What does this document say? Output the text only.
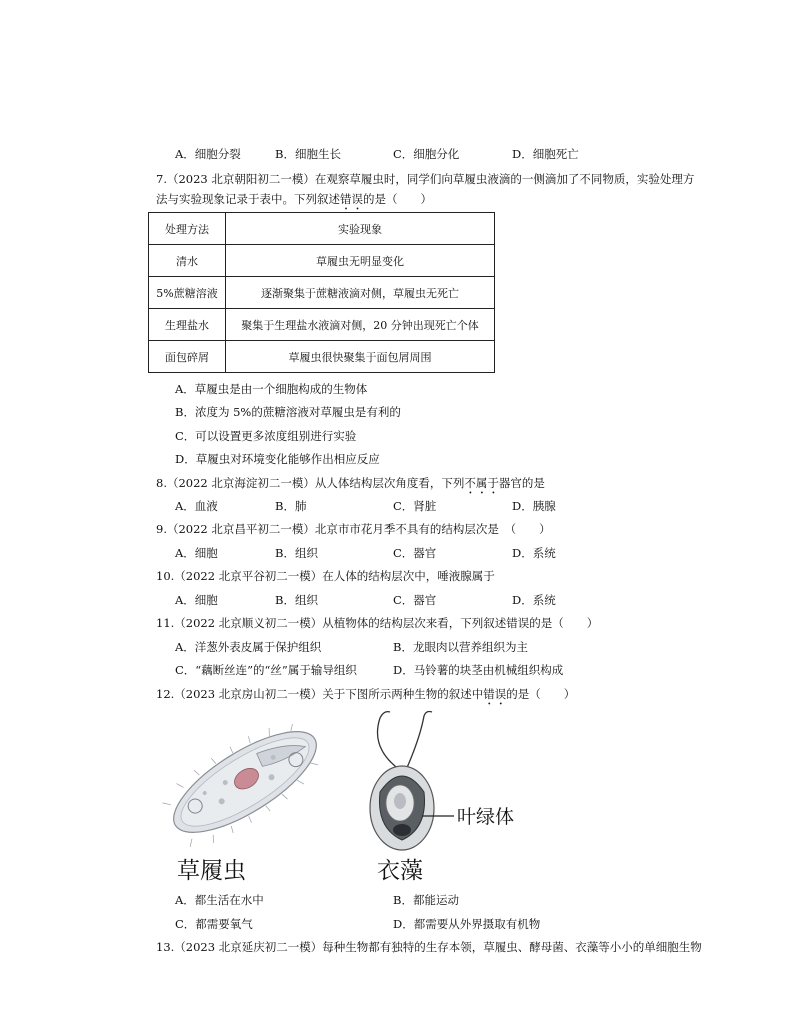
A．细胞分裂	B．细胞生长	C．细胞分化	D．细胞死亡
7.（2023 北京朝阳初二一模）在观察草履虫时，同学们向草履虫液滴的一侧滴加了不同物质，实验处理方
法与实验现象记录于表中。下列叙述错误的是（　　）
处理方法	实验现象
清水	草履虫无明显变化
5%蔗糖溶液	逐渐聚集于蔗糖液滴对侧，草履虫无死亡
生理盐水	聚集于生理盐水液滴对侧，20 分钟出现死亡个体
面包碎屑	草履虫很快聚集于面包屑周围
A．草履虫是由一个细胞构成的生物体
B．浓度为 5%的蔗糖溶液对草履虫是有利的
C．可以设置更多浓度组别进行实验
D．草履虫对环境变化能够作出相应反应
8.（2022 北京海淀初二一模）从人体结构层次角度看，下列不属于器官的是
A．血液	B．肺	C．肾脏	D．胰腺
9.（2022 北京昌平初二一模）北京市市花月季不具有的结构层次是　（　　）
A．细胞	B．组织	C．器官	D．系统
10.（2022 北京平谷初二一模）在人体的结构层次中，唾液腺属于
A．细胞	B．组织	C．器官	D．系统
11.（2022 北京顺义初二一模）从植物体的结构层次来看，下列叙述错误的是（　　）
A．洋葱外表皮属于保护组织	B．龙眼肉以营养组织为主
C．“藕断丝连”的“丝”属于输导组织	D．马铃薯的块茎由机械组织构成
12.（2023 北京房山初二一模）关于下图所示两种生物的叙述中错误的是（　　）
叶绿体
草履虫	衣藻
A．都生活在水中	B．都能运动
C．都需要氧气	D．都需要从外界摄取有机物
13.（2023 北京延庆初二一模）每种生物都有独特的生存本领，草履虫、酵母菌、衣藻等小小的单细胞生物
